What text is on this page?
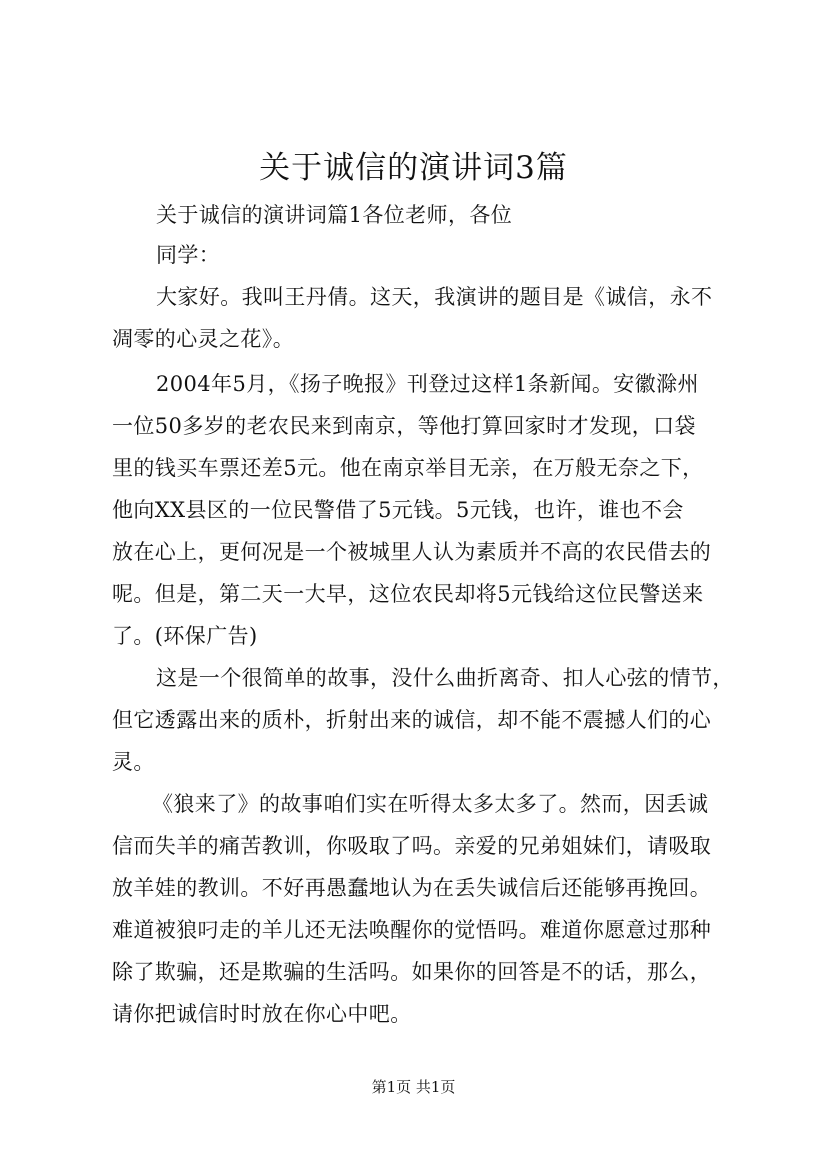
关于诚信的演讲词3篇
关于诚信的演讲词篇1各位老师，各位
同学：
大家好。我叫王丹倩。这天，我演讲的题目是《诚信，永不
凋零的心灵之花》。
2004年5月，《扬子晚报》刊登过这样1条新闻。安徽滁州
一位50多岁的老农民来到南京，等他打算回家时才发现，口袋
里的钱买车票还差5元。他在南京举目无亲，在万般无奈之下，
他向XX县区的一位民警借了5元钱。5元钱，也许，谁也不会
放在心上，更何况是一个被城里人认为素质并不高的农民借去的
呢。但是，第二天一大早，这位农民却将5元钱给这位民警送来
了。(环保广告)
这是一个很简单的故事，没什么曲折离奇、扣人心弦的情节，
但它透露出来的质朴，折射出来的诚信，却不能不震撼人们的心
灵。
《狼来了》的故事咱们实在听得太多太多了。然而，因丢诚
信而失羊的痛苦教训，你吸取了吗。亲爱的兄弟姐妹们，请吸取
放羊娃的教训。不好再愚蠢地认为在丢失诚信后还能够再挽回。
难道被狼叼走的羊儿还无法唤醒你的觉悟吗。难道你愿意过那种
除了欺骗，还是欺骗的生活吗。如果你的回答是不的话，那么，
请你把诚信时时放在你心中吧。
第1页 共1页
